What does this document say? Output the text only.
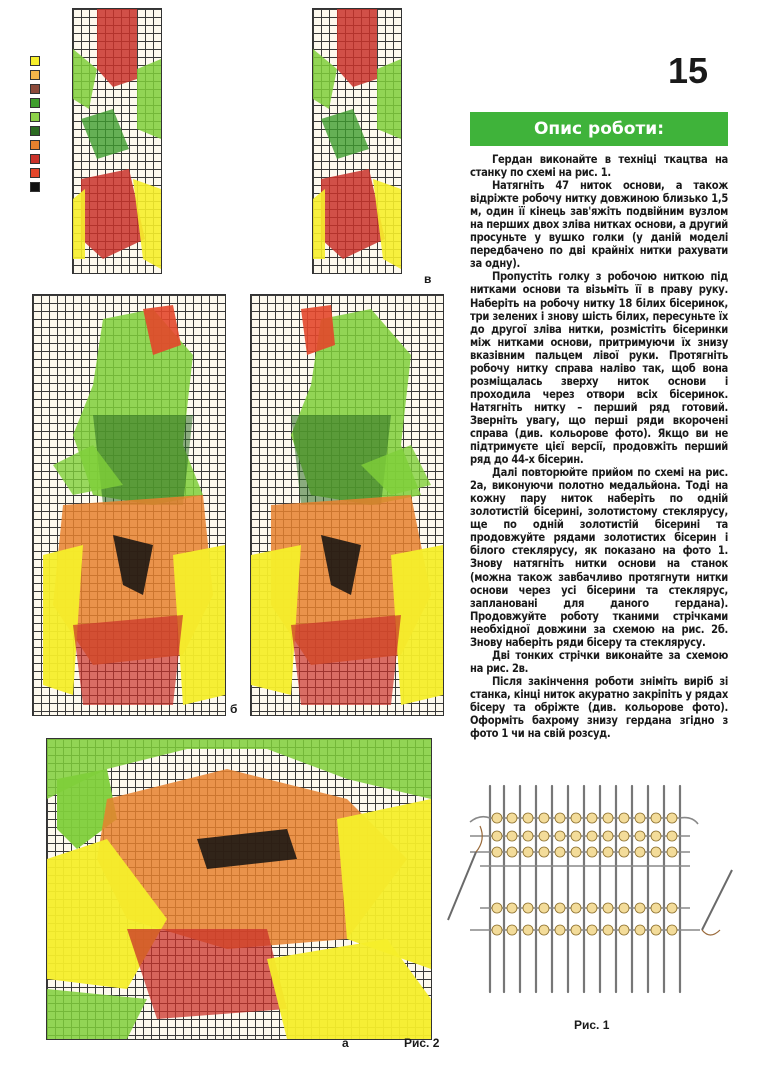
15
в
б
а	Рис. 2
Опис роботи:

Гердан виконайте в техніці ткацтва на станку по схемі на рис. 1.

Натягніть 47 ниток основи, а також відріжте робочу нитку довжиною близько 1,5 м, один її кінець зав'яжіть подвійним вузлом на перших двох зліва нитках основи, а другий просуньте у вушко голки (у даній моделі передбачено по дві крайніх нитки рахувати за одну).

Пропустіть голку з робочою ниткою під нитками основи та візьміть її в праву руку. Наберіть на робочу нитку 18 білих бісеринок, три зелених і знову шість білих, пересуньте їх до другої зліва нитки, розмістіть бісеринки між нитками основи, притримуючи їх знизу вказівним пальцем лівої руки. Протягніть робочу нитку справа наліво так, щоб вона розміщалась зверху ниток основи і проходила через отвори всіх бісеринок. Натягніть нитку – перший ряд готовий. Зверніть увагу, що перші ряди вкорочені справа (див. кольорове фото). Якщо ви не підтримуєте цієї версії, продовжіть перший ряд до 44-х бісерин.

Далі повторюйте прийом по схемі на рис. 2а, виконуючи полотно медальйона. Тоді на кожну пару ниток наберіть по одній золотистій бісерині, золотистому стеклярусу, ще по одній золотистій бісерині та продовжуйте рядами золотистих бісерин і білого стеклярусу, як показано на фото 1. Знову натягніть нитки основи на станок (можна також завбачливо протягнути нитки основи через усі бісерини та стеклярус, заплановані для даного гердана). Продовжуйте роботу тканими стрічками необхідної довжини за схемою на рис. 2б. Знову наберіть ряди бісеру та стеклярусу.

Дві тонких стрічки виконайте за схемою на рис. 2в.

Після закінчення роботи зніміть виріб зі станка, кінці ниток акуратно закріпіть у рядах бісеру та обріжте (див. кольорове фото). Оформіть бахрому знизу гердана згідно з фото 1 чи на свій розсуд.

Рис. 1
